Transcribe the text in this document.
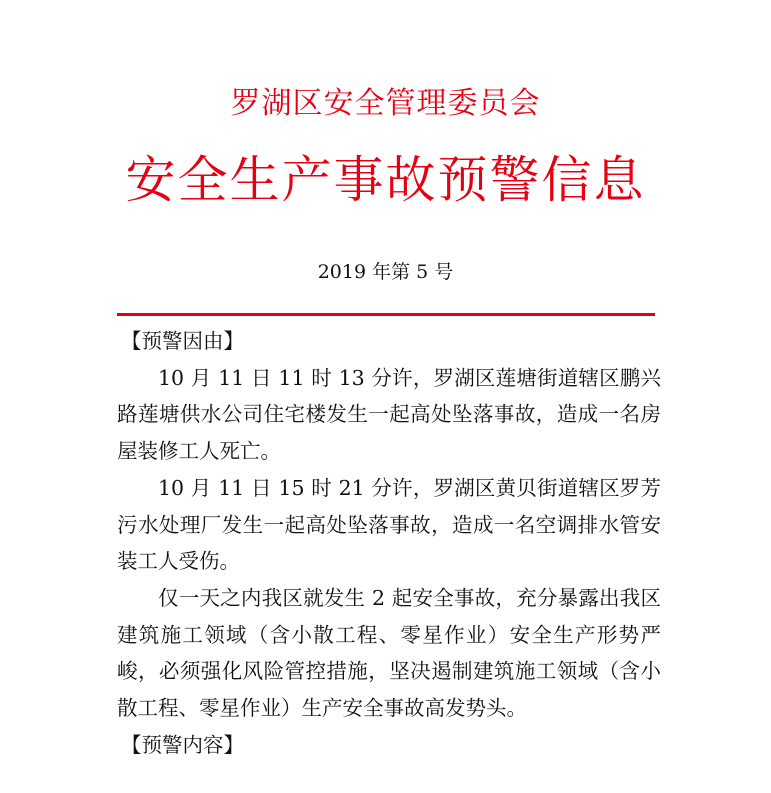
罗湖区安全管理委员会
安全生产事故预警信息
2019 年第 5 号

【预警因由】

10 月 11 日 11 时 13 分许，罗湖区莲塘街道辖区鹏兴路莲塘供水公司住宅楼发生一起高处坠落事故，造成一名房屋装修工人死亡。

10 月 11 日 15 时 21 分许，罗湖区黄贝街道辖区罗芳污水处理厂发生一起高处坠落事故，造成一名空调排水管安装工人受伤。

仅一天之内我区就发生 2 起安全事故，充分暴露出我区建筑施工领域（含小散工程、零星作业）安全生产形势严峻，必须强化风险管控措施，坚决遏制建筑施工领域（含小散工程、零星作业）生产安全事故高发势头。

【预警内容】
